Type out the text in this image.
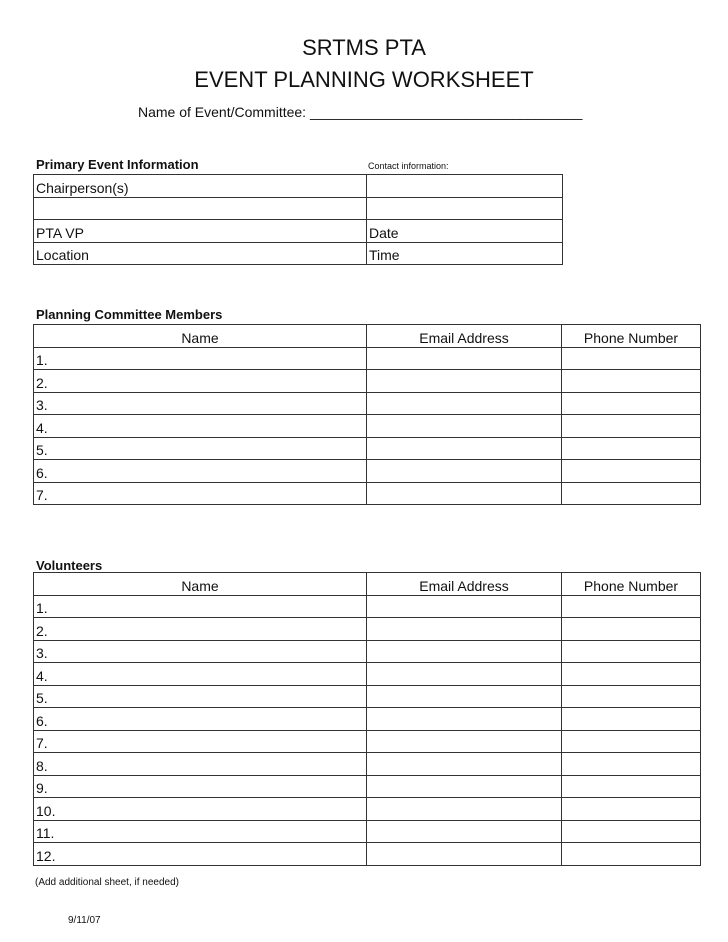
SRTMS PTA
EVENT PLANNING WORKSHEET
Name of Event/Committee: ___________________________________
Primary Event Information	Contact information:
Chairperson(s)	

PTA VP	Date
Location	Time
Planning Committee Members
Name	Email Address	Phone Number
1.		
2.		
3.		
4.		
5.		
6.		
7.		
Volunteers
Name	Email Address	Phone Number
1.		
2.		
3.		
4.		
5.		
6.		
7.		
8.		
9.		
10.		
11.		
12.		
(Add additional sheet, if needed)
9/11/07
